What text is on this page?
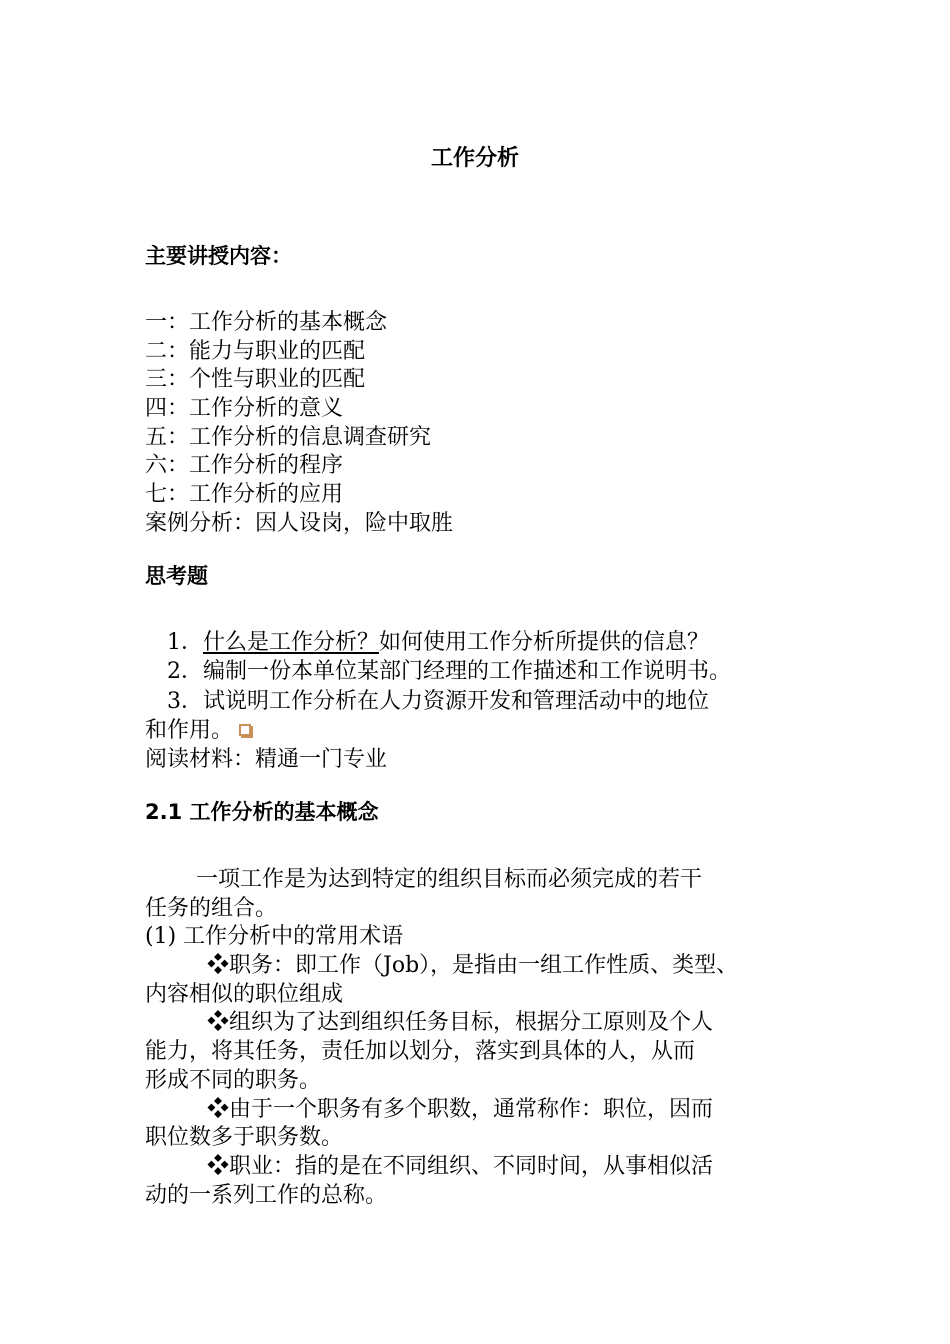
工作分析
主要讲授内容：
一：工作分析的基本概念
二：能力与职业的匹配
三：个性与职业的匹配
四：工作分析的意义
五：工作分析的信息调查研究
六：工作分析的程序
七：工作分析的应用
案例分析：因人设岗，险中取胜
思考题
1．什么是工作分析？如何使用工作分析所提供的信息？
2．编制一份本单位某部门经理的工作描述和工作说明书。
3．试说明工作分析在人力资源开发和管理活动中的地位
和作用。
阅读材料：精通一门专业
2.1 工作分析的基本概念
一项工作是为达到特定的组织目标而必须完成的若干
任务的组合。
(1) 工作分析中的常用术语
❖职务：即工作（Job），是指由一组工作性质、类型、
内容相似的职位组成
❖组织为了达到组织任务目标，根据分工原则及个人
能力，将其任务，责任加以划分，落实到具体的人，从而
形成不同的职务。
❖由于一个职务有多个职数，通常称作：职位，因而
职位数多于职务数。
❖职业：指的是在不同组织、不同时间，从事相似活
动的一系列工作的总称。
